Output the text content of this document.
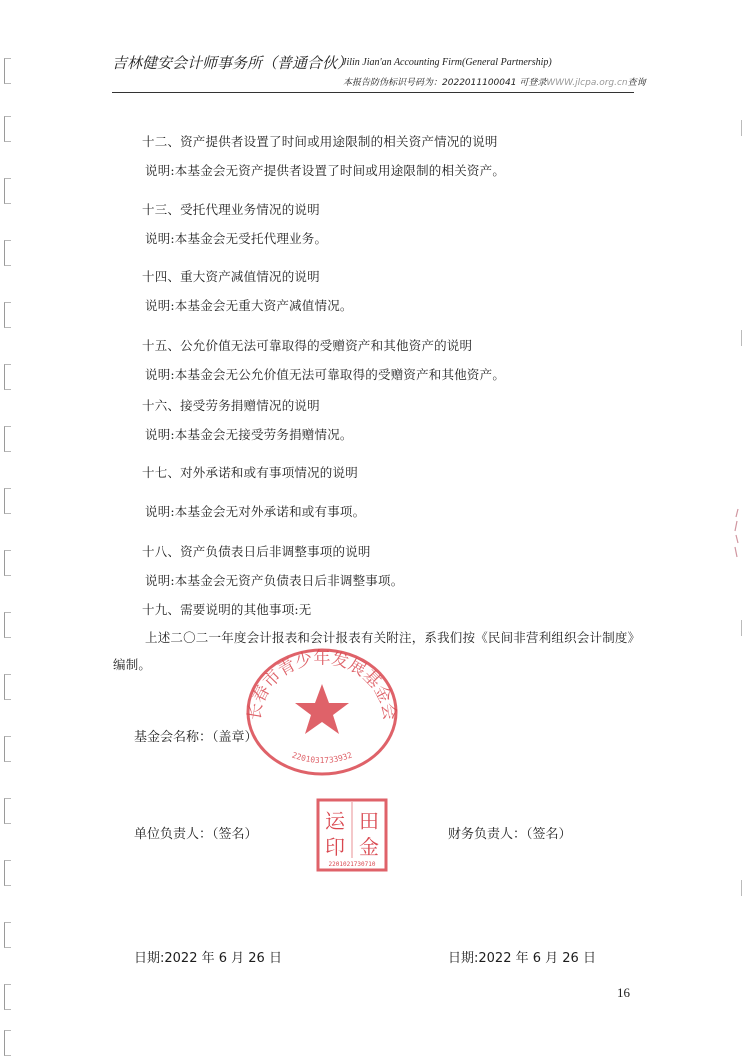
吉林健安会计师事务所（普通合伙）
Jilin Jian'an Accounting Firm(General Partnership)
本报告防伪标识号码为：2022011100041 可登录WWW.jlcpa.org.cn查询
十二、资产提供者设置了时间或用途限制的相关资产情况的说明
说明:本基金会无资产提供者设置了时间或用途限制的相关资产。
十三、受托代理业务情况的说明
说明:本基金会无受托代理业务。
十四、重大资产减值情况的说明
说明:本基金会无重大资产减值情况。
十五、公允价值无法可靠取得的受赠资产和其他资产的说明
说明:本基金会无公允价值无法可靠取得的受赠资产和其他资产。
十六、接受劳务捐赠情况的说明
说明:本基金会无接受劳务捐赠情况。
十七、对外承诺和或有事项情况的说明
说明:本基金会无对外承诺和或有事项。
十八、资产负债表日后非调整事项的说明
说明:本基金会无资产负债表日后非调整事项。
十九、需要说明的其他事项:无
上述二〇二一年度会计报表和会计报表有关附注，系我们按《民间非营利组织会计制度》
编制。
长春市青少年发展基金会
2201031733932
基金会名称：（盖章）
单位负责人：（签名）	财务负责人：（签名）
运 田
印 金
2201021730710
日期:2022 年 6 月 26 日	日期:2022 年 6 月 26 日
16
